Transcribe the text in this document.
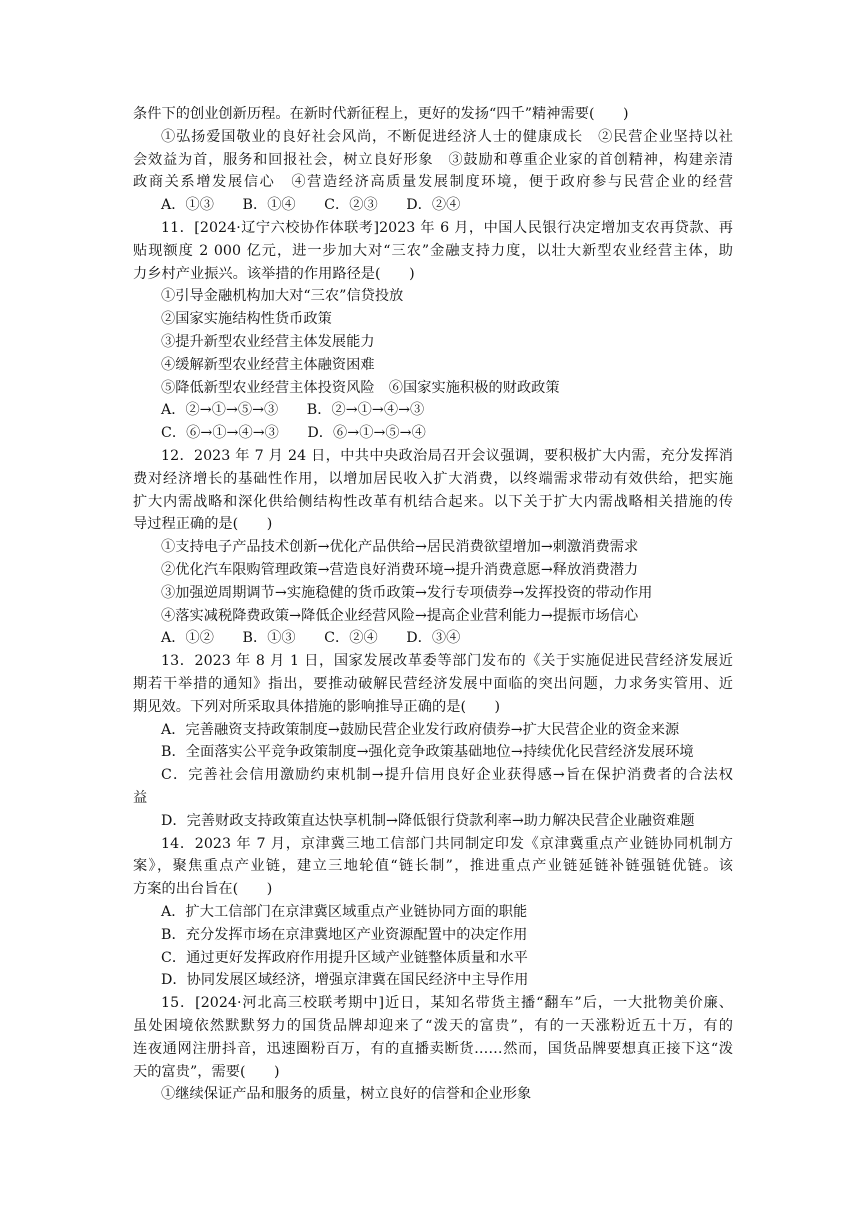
条件下的创业创新历程。在新时代新征程上，更好的发扬“四千”精神需要(　　)
①弘扬爱国敬业的良好社会风尚，不断促进经济人士的健康成长　②民营企业坚持以社
会效益为首，服务和回报社会，树立良好形象　③鼓励和尊重企业家的首创精神，构建亲清
政商关系增发展信心　④营造经济高质量发展制度环境，便于政府参与民营企业的经营
A．①③　　B．①④　　C．②③　　D．②④
11．[2024·辽宁六校协作体联考]2023 年 6 月，中国人民银行决定增加支农再贷款、再
贴现额度 2 000 亿元，进一步加大对“三农”金融支持力度，以壮大新型农业经营主体，助
力乡村产业振兴。该举措的作用路径是(　　)
①引导金融机构加大对“三农”信贷投放
②国家实施结构性货币政策
③提升新型农业经营主体发展能力
④缓解新型农业经营主体融资困难
⑤降低新型农业经营主体投资风险　⑥国家实施积极的财政政策
A．②→①→⑤→③　　B．②→①→④→③
C．⑥→①→④→③　　D．⑥→①→⑤→④
12．2023 年 7 月 24 日，中共中央政治局召开会议强调，要积极扩大内需，充分发挥消
费对经济增长的基础性作用，以增加居民收入扩大消费，以终端需求带动有效供给，把实施
扩大内需战略和深化供给侧结构性改革有机结合起来。以下关于扩大内需战略相关措施的传
导过程正确的是(　　)
①支持电子产品技术创新→优化产品供给→居民消费欲望增加→刺激消费需求
②优化汽车限购管理政策→营造良好消费环境→提升消费意愿→释放消费潜力
③加强逆周期调节→实施稳健的货币政策→发行专项债券→发挥投资的带动作用
④落实减税降费政策→降低企业经营风险→提高企业营利能力→提振市场信心
A．①②　　B．①③　　C．②④　　D．③④
13．2023 年 8 月 1 日，国家发展改革委等部门发布的《关于实施促进民营经济发展近
期若干举措的通知》指出，要推动破解民营经济发展中面临的突出问题，力求务实管用、近
期见效。下列对所采取具体措施的影响推导正确的是(　　)
A．完善融资支持政策制度→鼓励民营企业发行政府债券→扩大民营企业的资金来源
B．全面落实公平竞争政策制度→强化竞争政策基础地位→持续优化民营经济发展环境
C．完善社会信用激励约束机制→提升信用良好企业获得感→旨在保护消费者的合法权
益
D．完善财政支持政策直达快享机制→降低银行贷款利率→助力解决民营企业融资难题
14．2023 年 7 月，京津冀三地工信部门共同制定印发《京津冀重点产业链协同机制方
案》，聚焦重点产业链，建立三地轮值“链长制”，推进重点产业链延链补链强链优链。该
方案的出台旨在(　　)
A．扩大工信部门在京津冀区域重点产业链协同方面的职能
B．充分发挥市场在京津冀地区产业资源配置中的决定作用
C．通过更好发挥政府作用提升区域产业链整体质量和水平
D．协同发展区域经济，增强京津冀在国民经济中主导作用
15．[2024·河北高三校联考期中]近日，某知名带货主播“翻车”后，一大批物美价廉、
虽处困境依然默默努力的国货品牌却迎来了“泼天的富贵”，有的一天涨粉近五十万，有的
连夜通网注册抖音，迅速圈粉百万，有的直播卖断货……然而，国货品牌要想真正接下这“泼
天的富贵”，需要(　　)
①继续保证产品和服务的质量，树立良好的信誉和企业形象
